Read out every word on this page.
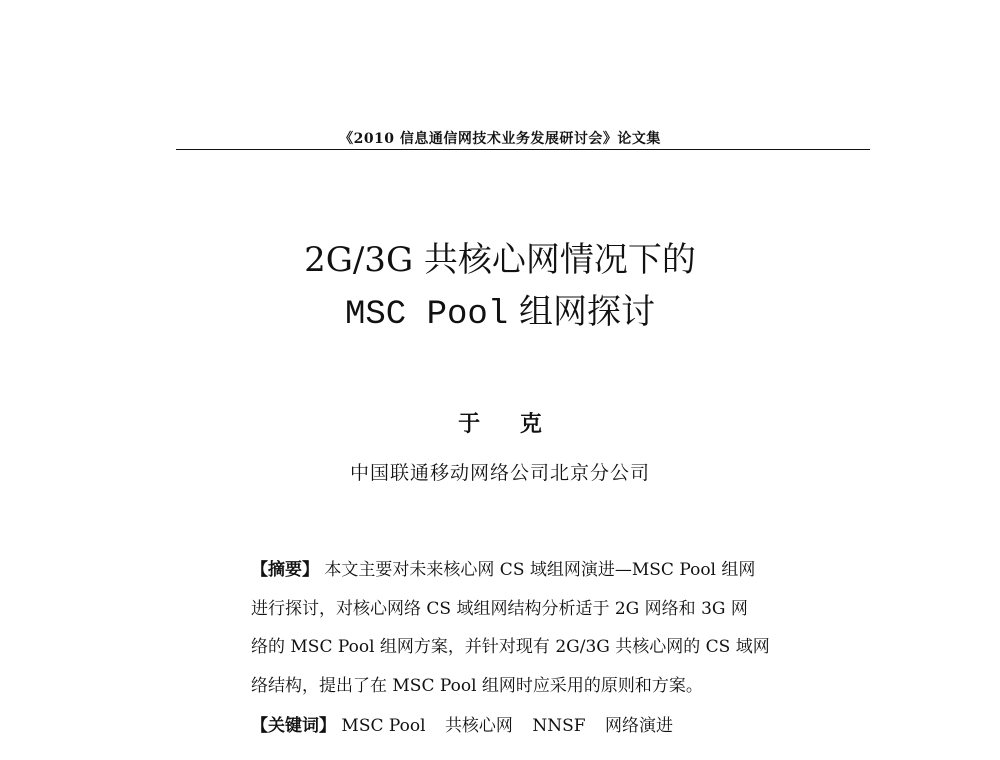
《2010 信息通信网技术业务发展研讨会》论文集
2G/3G 共核心网情况下的
MSC Pool 组网探讨
于 克
中国联通移动网络公司北京分公司
【摘要】 本文主要对未来核心网 CS 域组网演进—MSC Pool 组网
进行探讨，对核心网络 CS 域组网结构分析适于 2G 网络和 3G 网
络的 MSC Pool 组网方案，并针对现有 2G/3G 共核心网的 CS 域网
络结构，提出了在 MSC Pool 组网时应采用的原则和方案。
【关键词】 MSC Pool 共核心网 NNSF 网络演进
